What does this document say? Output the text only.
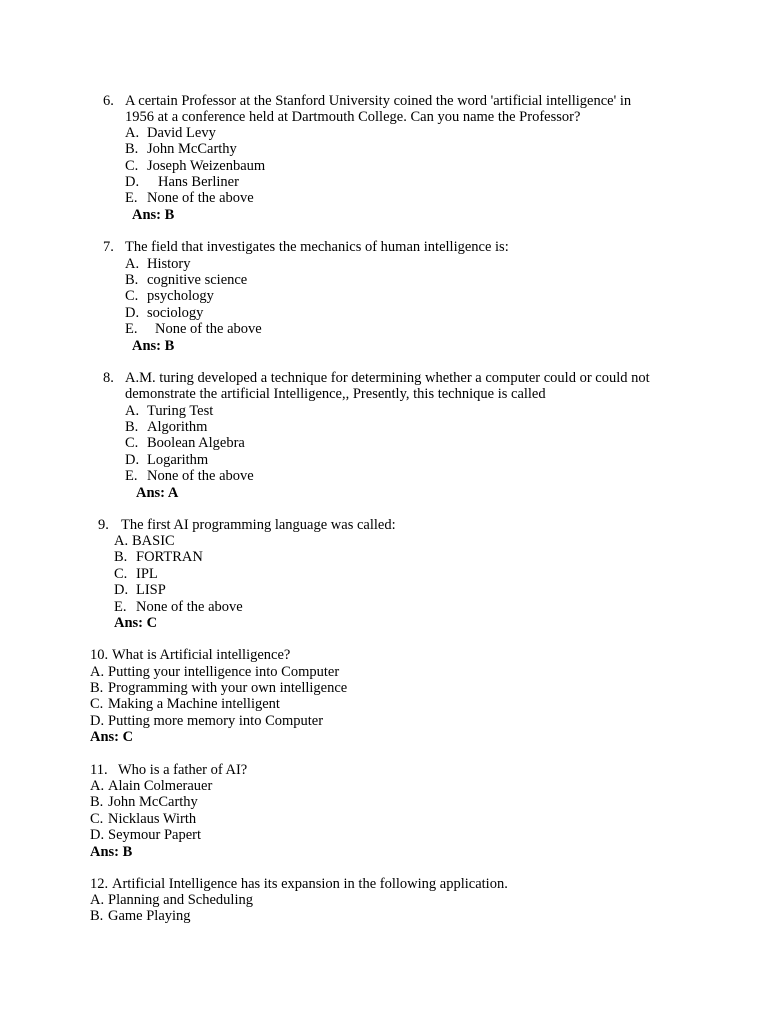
6. A certain Professor at the Stanford University coined the word 'artificial intelligence' in
1956 at a conference held at Dartmouth College. Can you name the Professor?
A. David Levy
B. John McCarthy
C. Joseph Weizenbaum
D. Hans Berliner
E. None of the above
Ans: B
7. The field that investigates the mechanics of human intelligence is:
A. History
B. cognitive science
C. psychology
D. sociology
E. None of the above
Ans: B
8. A.M. turing developed a technique for determining whether a computer could or could not
demonstrate the artificial Intelligence,, Presently, this technique is called
A. Turing Test
B. Algorithm
C. Boolean Algebra
D. Logarithm
E. None of the above
Ans: A
9. The first AI programming language was called:
A. BASIC
B. FORTRAN
C. IPL
D. LISP
E. None of the above
Ans: C
10. What is Artificial intelligence?
A. Putting your intelligence into Computer
B. Programming with your own intelligence
C. Making a Machine intelligent
D. Putting more memory into Computer
Ans: C
11. Who is a father of AI?
A. Alain Colmerauer
B. John McCarthy
C. Nicklaus Wirth
D. Seymour Papert
Ans: B
12. Artificial Intelligence has its expansion in the following application.
A. Planning and Scheduling
B. Game Playing
